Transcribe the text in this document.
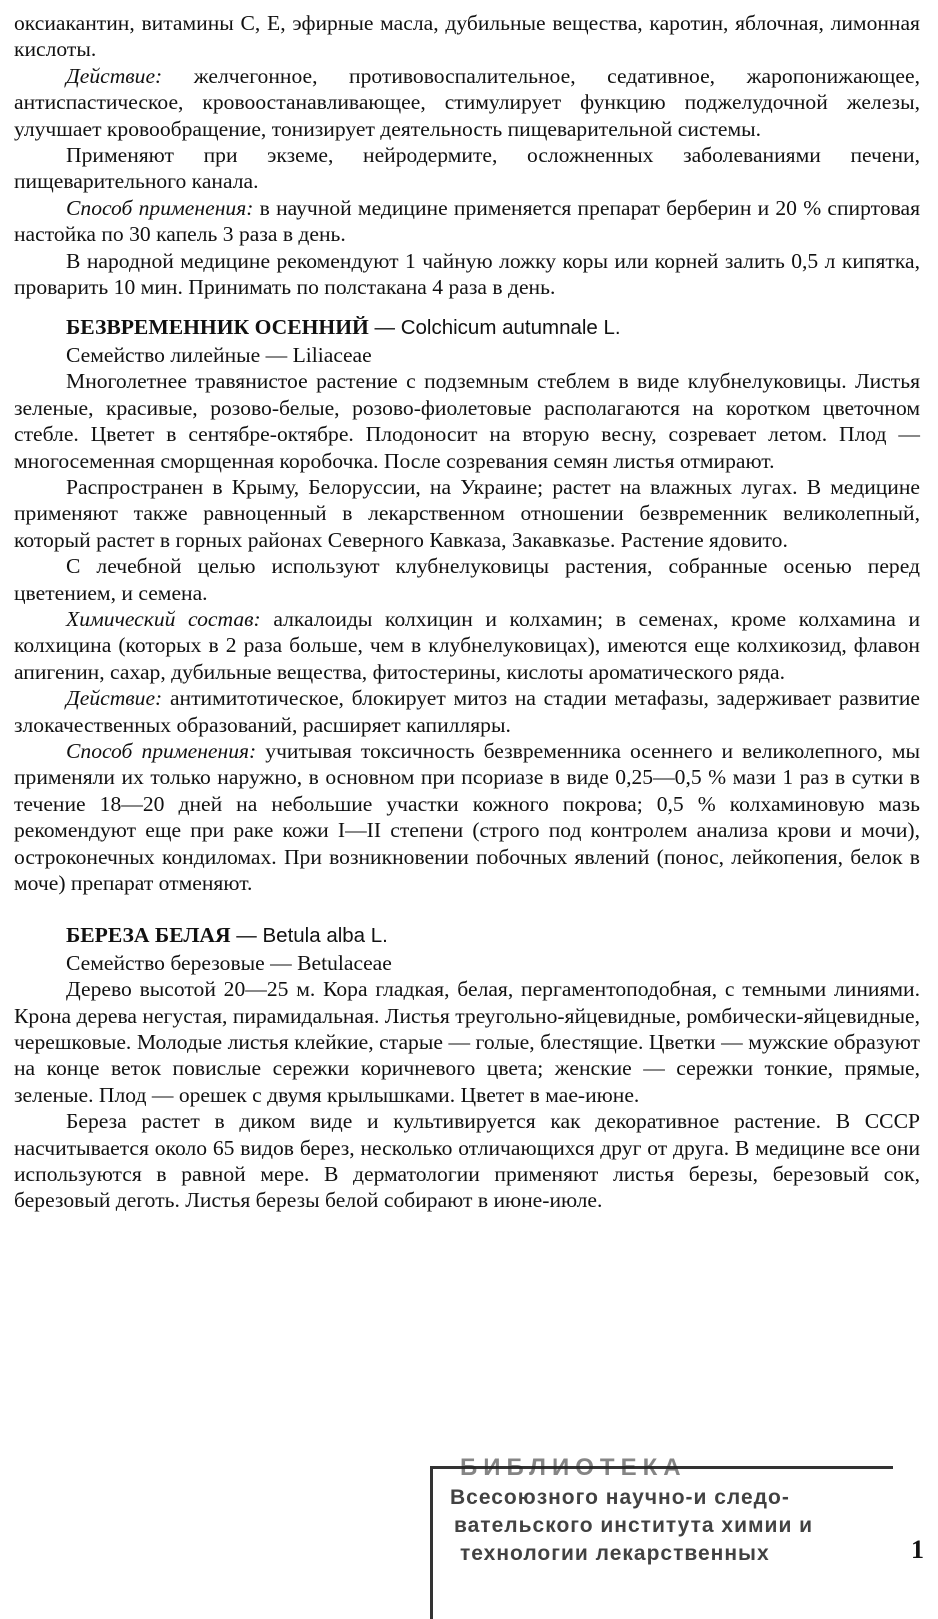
оксиакантин, витамины С, Е, эфирные масла, дубильные вещества, каротин, яблочная, лимонная кислоты.

Действие: желчегонное, противовоспалительное, седативное, жаропонижающее, антиспастическое, кровоостанавливающее, стимулирует функцию поджелудочной железы, улучшает кровообращение, тонизирует деятельность пищеварительной системы.

Применяют при экземе, нейродермите, осложненных заболеваниями печени, пищеварительного канала.

Способ применения: в научной медицине применяется препарат берберин и 20 % спиртовая настойка по 30 капель 3 раза в день.

В народной медицине рекомендуют 1 чайную ложку коры или корней залить 0,5 л кипятка, проварить 10 мин. Принимать по полстакана 4 раза в день.

БЕЗВРЕМЕННИК ОСЕННИЙ — Colchicum autumnale L.

Семейство лилейные — Liliaceae

Многолетнее травянистое растение с подземным стеблем в виде клубнелуковицы. Листья зеленые, красивые, розово-белые, розово-фиолетовые располагаются на коротком цветочном стебле. Цветет в сентябре-октябре. Плодоносит на вторую весну, созревает летом. Плод — многосеменная сморщенная коробочка. После созревания семян листья отмирают.

Распространен в Крыму, Белоруссии, на Украине; растет на влажных лугах. В медицине применяют также равноценный в лекарственном отношении безвременник великолепный, который растет в горных районах Северного Кавказа, Закавказье. Растение ядовито.

С лечебной целью используют клубнелуковицы растения, собранные осенью перед цветением, и семена.

Химический состав: алкалоиды колхицин и колхамин; в семенах, кроме колхамина и колхицина (которых в 2 раза больше, чем в клубнелуковицах), имеются еще колхикозид, флавон апигенин, сахар, дубильные вещества, фитостерины, кислоты ароматического ряда.

Действие: антимитотическое, блокирует митоз на стадии метафазы, задерживает развитие злокачественных образований, расширяет капилляры.

Способ применения: учитывая токсичность безвременника осеннего и великолепного, мы применяли их только наружно, в основном при псориазе в виде 0,25—0,5 % мази 1 раз в сутки в течение 18—20 дней на небольшие участки кожного покрова; 0,5 % колхаминовую мазь рекомендуют еще при раке кожи I—II степени (строго под контролем анализа крови и мочи), остроконечных кондиломах. При возникновении побочных явлений (понос, лейкопения, белок в моче) препарат отменяют.

БЕРЕЗА БЕЛАЯ — Betula alba L.

Семейство березовые — Betulaceae

Дерево высотой 20—25 м. Кора гладкая, белая, пергаментоподобная, с темными линиями. Крона дерева негустая, пирамидальная. Листья треугольно-яйцевидные, ромбически-яйцевидные, черешковые. Молодые листья клейкие, старые — голые, блестящие. Цветки — мужские образуют на конце веток повислые сережки коричневого цвета; женские — сережки тонкие, прямые, зеленые. Плод — орешек с двумя крылышками. Цветет в мае-июне.

Береза растет в диком виде и культивируется как декоративное растение. В СССР насчитывается около 65 видов берез, несколько отличающихся друг от друга. В медицине все они используются в равной мере. В дерматологии применяют листья березы, березовый сок, березовый деготь. Листья березы белой собирают в июне-июле.

БИБЛИОТЕКА
Всесоюзного научно-и следо-
вательского института химии и
технологии лекарственных	1
